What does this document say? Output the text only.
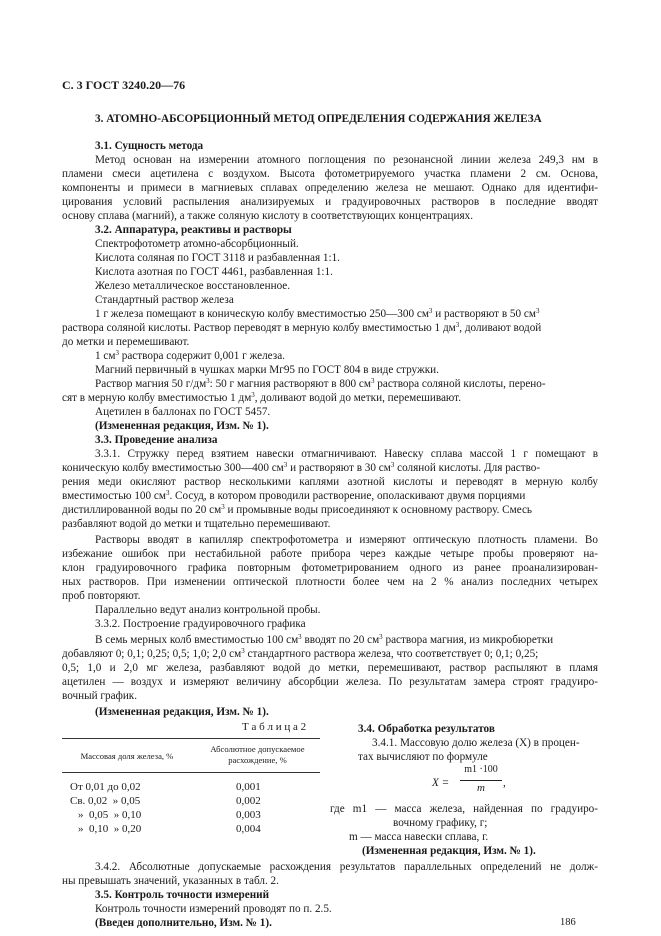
С. 3 ГОСТ 3240.20—76
3. АТОМНО-АБСОРБЦИОННЫЙ МЕТОД ОПРЕДЕЛЕНИЯ СОДЕРЖАНИЯ ЖЕЛЕЗА
3.1. Сущность метода
Метод основан на измерении атомного поглощения по резонансной линии железа 249,3 нм в
пламени смеси ацетилена с воздухом. Высота фотометрируемого участка пламени 2 см. Основа,
компоненты и примеси в магниевых сплавах определению железа не мешают. Однако для идентифи-
цирования условий распыления анализируемых и градуировочных растворов в последние вводят
основу сплава (магний), а также соляную кислоту в соответствующих концентрациях.
3.2. Аппаратура, реактивы и растворы
Спектрофотометр атомно-абсорбционный.
Кислота соляная по ГОСТ 3118 и разбавленная 1:1.
Кислота азотная по ГОСТ 4461, разбавленная 1:1.
Железо металлическое восстановленное.
Стандартный раствор железа
1 г железа помещают в коническую колбу вместимостью 250—300 $см^3$ и растворяют в 50 $см^3$
раствора соляной кислоты. Раствор переводят в мерную колбу вместимостью 1 $дм^3$, доливают водой
до метки и перемешивают.
1 $см^3$ раствора содержит 0,001 г железа.
Магний первичный в чушках марки Мг95 по ГОСТ 804 в виде стружки.
Раствор магния 50 $г/дм^3$: 50 г магния растворяют в 800 $см^3$ раствора соляной кислоты, перено-
сят в мерную колбу вместимостью 1 $дм^3$, доливают водой до метки, перемешивают.
Ацетилен в баллонах по ГОСТ 5457.
(Измененная редакция, Изм. № 1).
3.3. Проведение анализа
3.3.1. Стружку перед взятием навески отмагничивают. Навеску сплава массой 1 г помещают в
коническую колбу вместимостью 300—400 $см^3$ и растворяют в 30 $см^3$ соляной кислоты. Для раство-
рения меди окисляют раствор несколькими каплями азотной кислоты и переводят в мерную колбу
вместимостью 100 $см^3$. Сосуд, в котором проводили растворение, ополаскивают двумя порциями
дистиллированной воды по 20 $см^3$ и промывные воды присоединяют к основному раствору. Смесь
разбавляют водой до метки и тщательно перемешивают.
Растворы вводят в капилляр спектрофотометра и измеряют оптическую плотность пламени. Во
избежание ошибок при нестабильной работе прибора через каждые четыре пробы проверяют на-
клон градуировочного графика повторным фотометрированием одного из ранее проанализирован-
ных растворов. При изменении оптической плотности более чем на 2 % анализ последних четырех
проб повторяют.
Параллельно ведут анализ контрольной пробы.
3.3.2. Построение градуировочного графика
В семь мерных колб вместимостью 100 $см^3$ вводят по 20 $см^3$ раствора магния, из микробюретки
добавляют 0; 0,1; 0,25; 0,5; 1,0; 2,0 $см^3$ стандартного раствора железа, что соответствует 0; 0,1; 0,25;
0,5; 1,0 и 2,0 мг железа, разбавляют водой до метки, перемешивают, раствор распыляют в пламя
ацетилен — воздух и измеряют величину абсорбции железа. По результатам замера строят градуиро-
вочный график.
(Измененная редакция, Изм. № 1).
Т а б л и ц а 2
Массовая доля железа, %
Абсолютное допускаемое
расхождение, %
От 0,01 до 0,02	0,001
Св. 0,02  » 0,05	0,002
»  0,05  » 0,10	0,003
»  0,10  » 0,20	0,004
3.4. Обработка результатов
3.4.1. Массовую долю железа (X) в процен-
тах вычисляют по формуле
X =
m1 ·100
m	,
где m1 — масса железа, найденная по градуиро-
вочному графику, г;
m — масса навески сплава, г.
(Измененная редакция, Изм. № 1).
3.4.2. Абсолютные допускаемые расхождения результатов параллельных определений не долж-
ны превышать значений, указанных в табл. 2.
3.5. Контроль точности измерений
Контроль точности измерений проводят по п. 2.5.
(Введен дополнительно, Изм. № 1).	186
